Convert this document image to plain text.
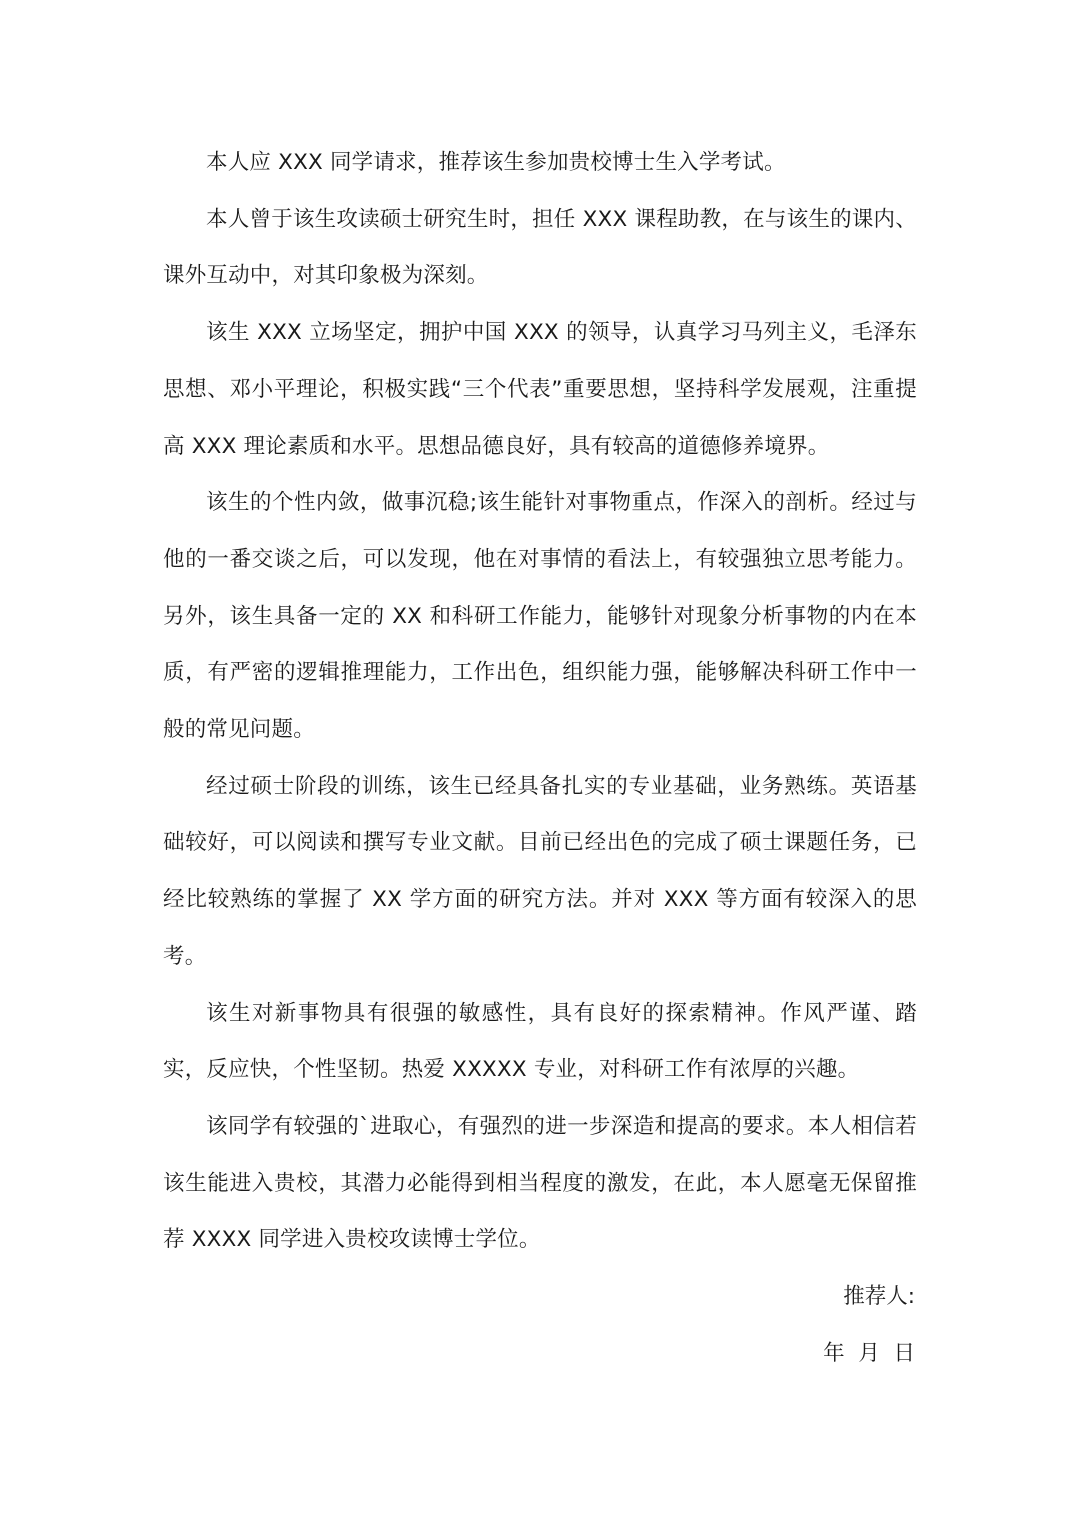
本人应 XXX 同学请求，推荐该生参加贵校博士生入学考试。

本人曾于该生攻读硕士研究生时，担任 XXX 课程助教，在与该生的课内、课外互动中，对其印象极为深刻。

该生 XXX 立场坚定，拥护中国 XXX 的领导，认真学习马列主义，毛泽东思想、邓小平理论，积极实践“三个代表”重要思想，坚持科学发展观，注重提高 XXX 理论素质和水平。思想品德良好，具有较高的道德修养境界。

该生的个性内敛，做事沉稳;该生能针对事物重点，作深入的剖析。经过与他的一番交谈之后，可以发现，他在对事情的看法上，有较强独立思考能力。另外，该生具备一定的 XX 和科研工作能力，能够针对现象分析事物的内在本质，有严密的逻辑推理能力，工作出色，组织能力强，能够解决科研工作中一般的常见问题。

经过硕士阶段的训练，该生已经具备扎实的专业基础，业务熟练。英语基础较好，可以阅读和撰写专业文献。目前已经出色的完成了硕士课题任务，已经比较熟练的掌握了 XX 学方面的研究方法。并对 XXX 等方面有较深入的思考。

该生对新事物具有很强的敏感性，具有良好的探索精神。作风严谨、踏实，反应快，个性坚韧。热爱 XXXXX 专业，对科研工作有浓厚的兴趣。

该同学有较强的`进取心，有强烈的进一步深造和提高的要求。本人相信若该生能进入贵校，其潜力必能得到相当程度的激发，在此，本人愿毫无保留推荐 XXXX 同学进入贵校攻读博士学位。

推荐人:
年  月  日
